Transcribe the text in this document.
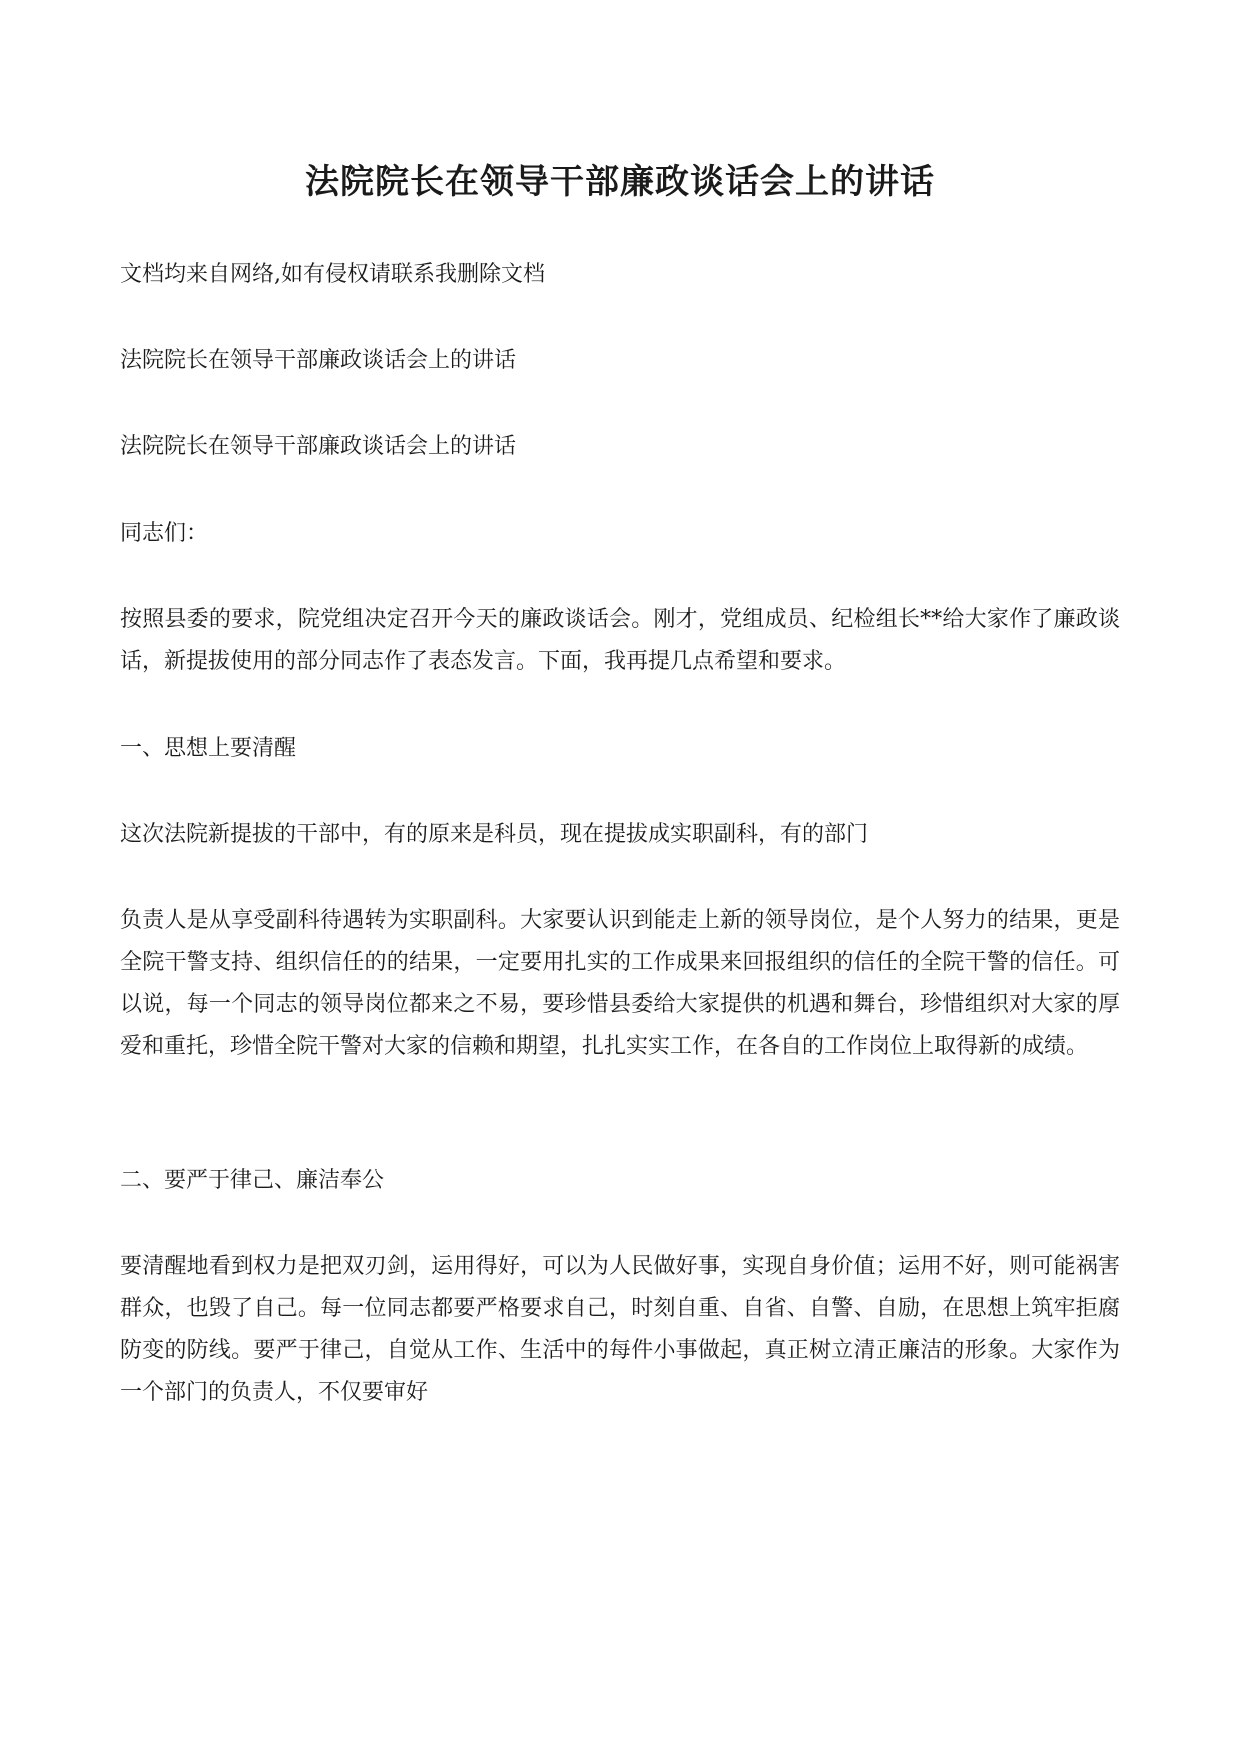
法院院长在领导干部廉政谈话会上的讲话

文档均来自网络,如有侵权请联系我删除文档

法院院长在领导干部廉政谈话会上的讲话

法院院长在领导干部廉政谈话会上的讲话

同志们：

按照县委的要求，院党组决定召开今天的廉政谈话会。刚才，党组成员、纪检组长**给大家作了廉政谈话，新提拔使用的部分同志作了表态发言。下面，我再提几点希望和要求。

一、思想上要清醒

这次法院新提拔的干部中，有的原来是科员，现在提拔成实职副科，有的部门

负责人是从享受副科待遇转为实职副科。大家要认识到能走上新的领导岗位，是个人努力的结果，更是全院干警支持、组织信任的的结果，一定要用扎实的工作成果来回报组织的信任的全院干警的信任。可以说，每一个同志的领导岗位都来之不易，要珍惜县委给大家提供的机遇和舞台，珍惜组织对大家的厚爱和重托，珍惜全院干警对大家的信赖和期望，扎扎实实工作，在各自的工作岗位上取得新的成绩。

二、要严于律己、廉洁奉公

要清醒地看到权力是把双刃剑，运用得好，可以为人民做好事，实现自身价值；运用不好，则可能祸害群众，也毁了自己。每一位同志都要严格要求自己，时刻自重、自省、自警、自励，在思想上筑牢拒腐防变的防线。要严于律己，自觉从工作、生活中的每件小事做起，真正树立清正廉洁的形象。大家作为一个部门的负责人，不仅要审好
